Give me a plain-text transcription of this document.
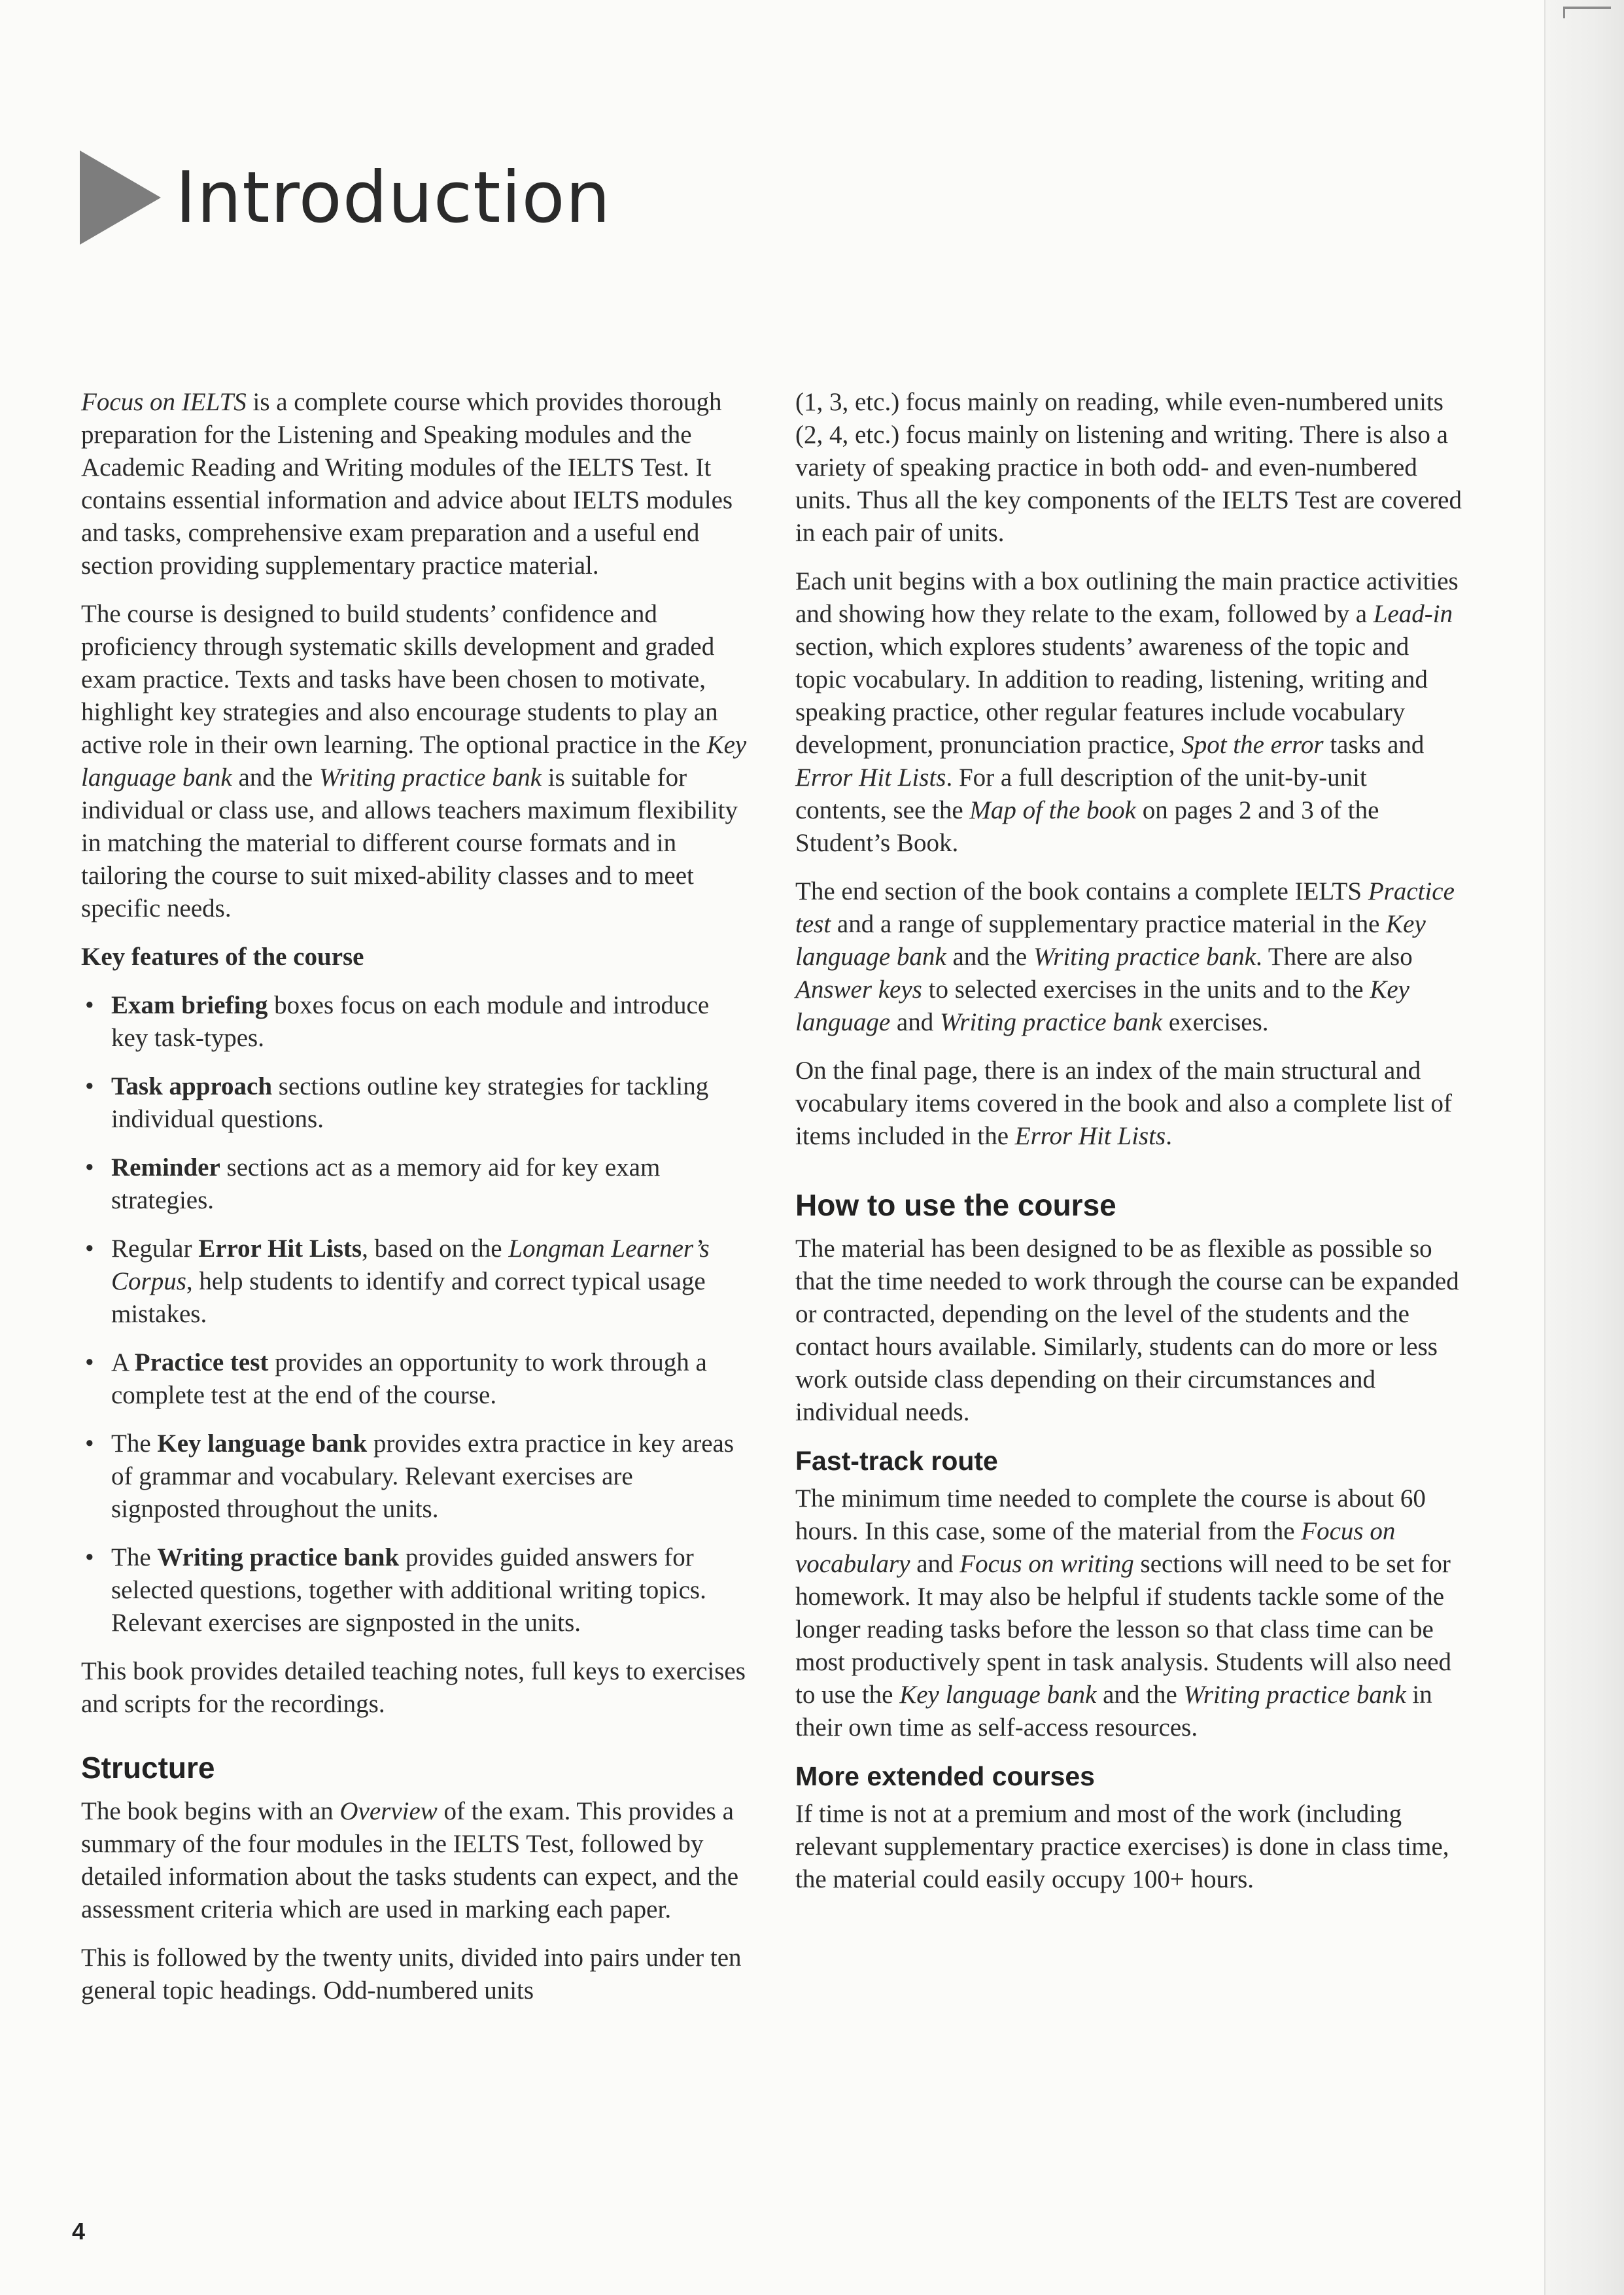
Introduction

Focus on IELTS is a complete course which provides thorough preparation for the Listening and Speaking modules and the Academic Reading and Writing modules of the IELTS Test. It contains essential information and advice about IELTS modules and tasks, comprehensive exam preparation and a useful end section providing supplementary practice material.

The course is designed to build students’ confidence and proficiency through systematic skills development and graded exam practice. Texts and tasks have been chosen to motivate, highlight key strategies and also encourage students to play an active role in their own learning. The optional practice in the Key language bank and the Writing practice bank is suitable for individual or class use, and allows teachers maximum flexibility in matching the material to different course formats and in tailoring the course to suit mixed-ability classes and to meet specific needs.

Key features of the course

• Exam briefing boxes focus on each module and introduce key task-types.
• Task approach sections outline key strategies for tackling individual questions.
• Reminder sections act as a memory aid for key exam strategies.
• Regular Error Hit Lists, based on the Longman Learner’s Corpus, help students to identify and correct typical usage mistakes.
• A Practice test provides an opportunity to work through a complete test at the end of the course.
• The Key language bank provides extra practice in key areas of grammar and vocabulary. Relevant exercises are signposted throughout the units.
• The Writing practice bank provides guided answers for selected questions, together with additional writing topics. Relevant exercises are signposted in the units.

This book provides detailed teaching notes, full keys to exercises and scripts for the recordings.

Structure

The book begins with an Overview of the exam. This provides a summary of the four modules in the IELTS Test, followed by detailed information about the tasks students can expect, and the assessment criteria which are used in marking each paper.

This is followed by the twenty units, divided into pairs under ten general topic headings. Odd-numbered units

(1, 3, etc.) focus mainly on reading, while even-numbered units (2, 4, etc.) focus mainly on listening and writing. There is also a variety of speaking practice in both odd- and even-numbered units. Thus all the key components of the IELTS Test are covered in each pair of units.

Each unit begins with a box outlining the main practice activities and showing how they relate to the exam, followed by a Lead-in section, which explores students’ awareness of the topic and topic vocabulary. In addition to reading, listening, writing and speaking practice, other regular features include vocabulary development, pronunciation practice, Spot the error tasks and Error Hit Lists. For a full description of the unit-by-unit contents, see the Map of the book on pages 2 and 3 of the Student’s Book.

The end section of the book contains a complete IELTS Practice test and a range of supplementary practice material in the Key language bank and the Writing practice bank. There are also Answer keys to selected exercises in the units and to the Key language and Writing practice bank exercises.

On the final page, there is an index of the main structural and vocabulary items covered in the book and also a complete list of items included in the Error Hit Lists.

How to use the course

The material has been designed to be as flexible as possible so that the time needed to work through the course can be expanded or contracted, depending on the level of the students and the contact hours available. Similarly, students can do more or less work outside class depending on their circumstances and individual needs.

Fast-track route

The minimum time needed to complete the course is about 60 hours. In this case, some of the material from the Focus on vocabulary and Focus on writing sections will need to be set for homework. It may also be helpful if students tackle some of the longer reading tasks before the lesson so that class time can be most productively spent in task analysis. Students will also need to use the Key language bank and the Writing practice bank in their own time as self-access resources.

More extended courses

If time is not at a premium and most of the work (including relevant supplementary practice exercises) is done in class time, the material could easily occupy 100+ hours.

4
